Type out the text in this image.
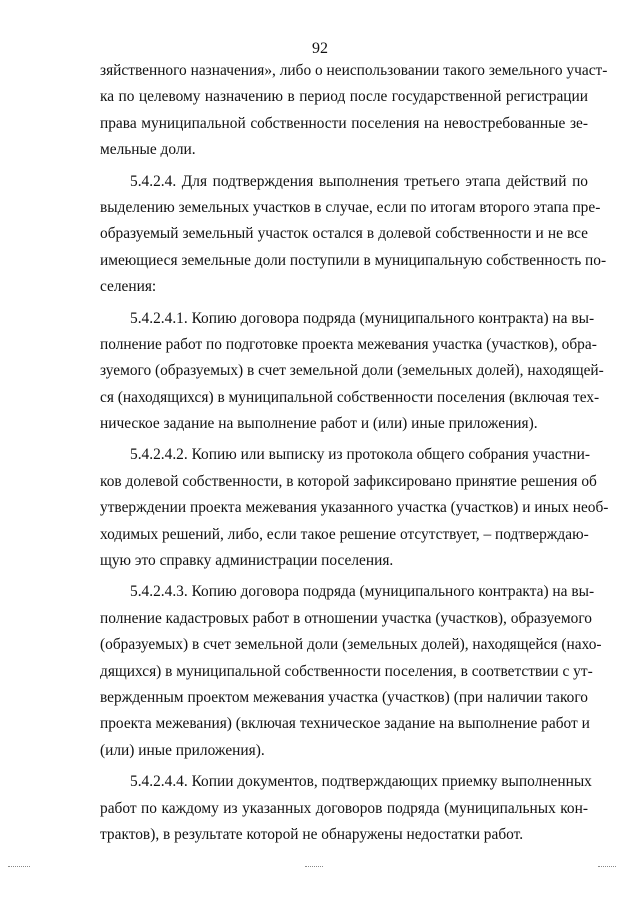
92
зяйственного назначения», либо о неиспользовании такого земельного участ-
ка по целевому назначению в период после государственной регистрации
права муниципальной собственности поселения на невостребованные зе-
мельные доли.
5.4.2.4. Для подтверждения выполнения третьего этапа действий по
выделению земельных участков в случае, если по итогам второго этапа пре-
образуемый земельный участок остался в долевой собственности и не все
имеющиеся земельные доли поступили в муниципальную собственность по-
селения:
5.4.2.4.1. Копию договора подряда (муниципального контракта) на вы-
полнение работ по подготовке проекта межевания участка (участков), обра-
зуемого (образуемых) в счет земельной доли (земельных долей), находящей-
ся (находящихся) в муниципальной собственности поселения (включая тех-
ническое задание на выполнение работ и (или) иные приложения).
5.4.2.4.2. Копию или выписку из протокола общего собрания участни-
ков долевой собственности, в которой зафиксировано принятие решения об
утверждении проекта межевания указанного участка (участков) и иных необ-
ходимых решений, либо, если такое решение отсутствует, – подтверждаю-
щую это справку администрации поселения.
5.4.2.4.3. Копию договора подряда (муниципального контракта) на вы-
полнение кадастровых работ в отношении участка (участков), образуемого
(образуемых) в счет земельной доли (земельных долей), находящейся (нахо-
дящихся) в муниципальной собственности поселения, в соответствии с ут-
вержденным проектом межевания участка (участков) (при наличии такого
проекта межевания) (включая техническое задание на выполнение работ и
(или) иные приложения).
5.4.2.4.4. Копии документов, подтверждающих приемку выполненных
работ по каждому из указанных договоров подряда (муниципальных кон-
трактов), в результате которой не обнаружены недостатки работ.
